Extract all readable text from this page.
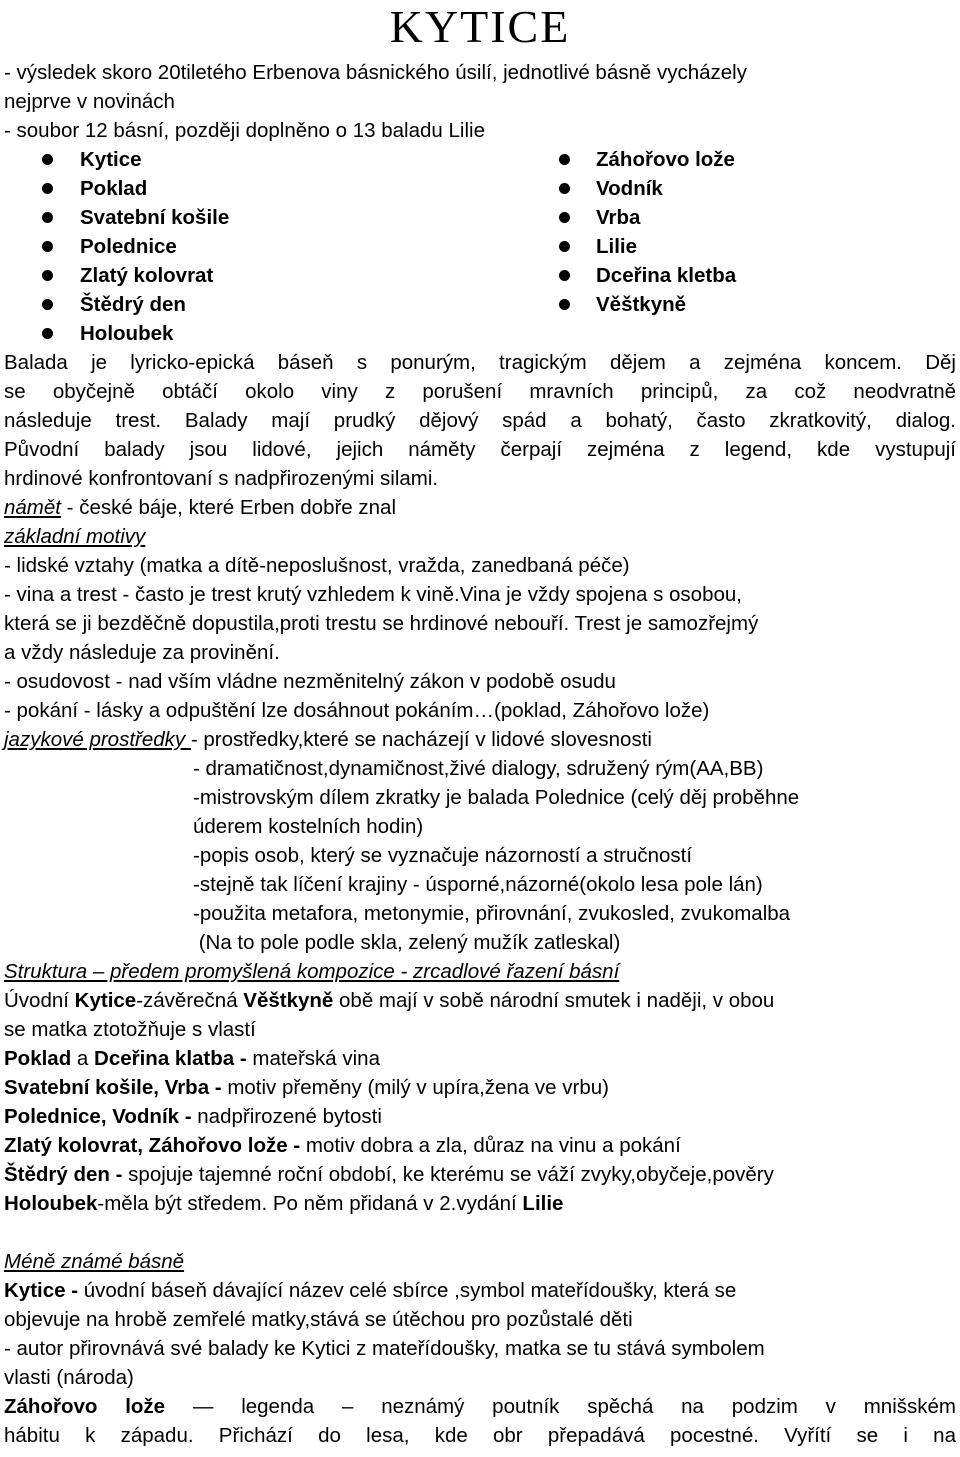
KYTICE
- výsledek skoro 20tiletého Erbenova básnického úsilí, jednotlivé básně vycházely
nejprve v novinách
- soubor 12 básní, později doplněno o 13 baladu Lilie
Kytice
Poklad
Svatební košile
Polednice
Zlatý kolovrat
Štědrý den
Holoubek
Záhořovo lože
Vodník
Vrba
Lilie
Dceřina kletba
Věštkyně
Balada je lyricko-epická báseň s ponurým, tragickým dějem a zejména koncem. Děj
se obyčejně obtáčí okolo viny z porušení mravních principů, za což neodvratně
následuje trest. Balady mají prudký dějový spád a bohatý, často zkratkovitý, dialog.
Původní balady jsou lidové, jejich náměty čerpají zejména z legend, kde vystupují
hrdinové konfrontovaní s nadpřirozenými silami.
námět - české báje, které Erben dobře znal
základní motivy
- lidské vztahy (matka a dítě-neposlušnost, vražda, zanedbaná péče)
- vina a trest - často je trest krutý vzhledem k vině.Vina je vždy spojena s osobou,
která se ji bezděčně dopustila,proti trestu se hrdinové nebouří. Trest je samozřejmý
a vždy následuje za provinění.
- osudovost - nad vším vládne nezměnitelný zákon v podobě osudu
- pokání - lásky a odpuštění lze dosáhnout pokáním…(poklad, Záhořovo lože)
jazykové prostředky - prostředky,které se nacházejí v lidové slovesnosti
- dramatičnost,dynamičnost,živé dialogy, sdružený rým(AA,BB)
-mistrovským dílem zkratky je balada Polednice (celý děj proběhne
úderem kostelních hodin)
-popis osob, který se vyznačuje názorností a stručností
-stejně tak líčení krajiny - úsporné,názorné(okolo lesa pole lán)
-použita metafora, metonymie, přirovnání, zvukosled, zvukomalba
(Na to pole podle skla, zelený mužík zatleskal)
Struktura – předem promyšlená kompozice - zrcadlové řazení básní
Úvodní Kytice-závěrečná Věštkyně obě mají v sobě národní smutek i naději, v obou
se matka ztotožňuje s vlastí
Poklad a Dceřina klatba - mateřská vina
Svatební košile, Vrba - motiv přeměny (milý v upíra,žena ve vrbu)
Polednice, Vodník - nadpřirozené bytosti
Zlatý kolovrat, Záhořovo lože - motiv dobra a zla, důraz na vinu a pokání
Štědrý den - spojuje tajemné roční období, ke kterému se váží zvyky,obyčeje,pověry
Holoubek-měla být středem. Po něm přidaná v 2.vydání Lilie
Méně známé básně
Kytice - úvodní báseň dávající název celé sbírce ,symbol mateřídoušky, která se
objevuje na hrobě zemřelé matky,stává se útěchou pro pozůstalé děti
- autor přirovnává své balady ke Kytici z mateřídoušky, matka se tu stává symbolem
vlasti (národa)
Záhořovo lože — legenda – neznámý poutník spěchá na podzim v mnišském
hábitu k západu. Přichází do lesa, kde obr přepadává pocestné. Vyřítí se i na
